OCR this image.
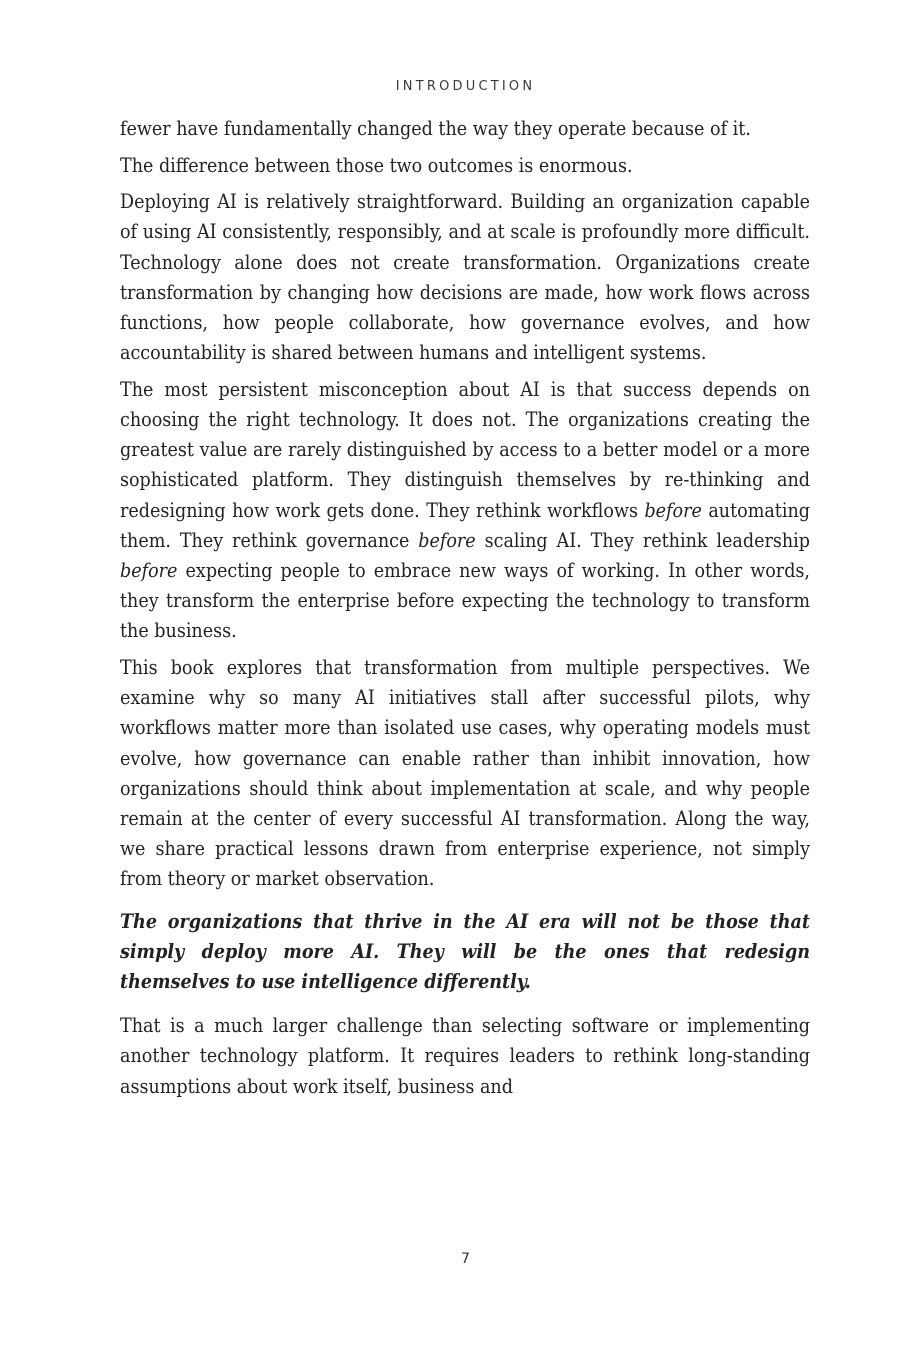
INTRODUCTION

fewer have fundamentally changed the way they operate because of it.

The difference between those two outcomes is enormous.

Deploying AI is relatively straightforward. Building an organization capable of using AI consistently, responsibly, and at scale is profoundly more difficult. Technology alone does not create transformation. Organizations create transformation by changing how decisions are made, how work flows across functions, how people collaborate, how governance evolves, and how accountability is shared between humans and intelligent systems.

The most persistent misconception about AI is that success depends on choosing the right technology. It does not. The organizations creating the greatest value are rarely distinguished by access to a better model or a more sophisticated platform. They distinguish themselves by re-thinking and redesigning how work gets done. They rethink workflows before automating them. They rethink governance before scaling AI. They rethink leadership before expecting people to embrace new ways of working. In other words, they transform the enterprise before expecting the technology to transform the business.

This book explores that transformation from multiple perspectives. We examine why so many AI initiatives stall after successful pilots, why workflows matter more than isolated use cases, why operating models must evolve, how governance can enable rather than inhibit innovation, how organizations should think about implementation at scale, and why people remain at the center of every successful AI transformation. Along the way, we share practical lessons drawn from enterprise experience, not simply from theory or market observation.

The organizations that thrive in the AI era will not be those that simply deploy more AI. They will be the ones that redesign themselves to use intelligence differently.

That is a much larger challenge than selecting software or implementing another technology platform. It requires leaders to rethink long-standing assumptions about work itself, business and

7
